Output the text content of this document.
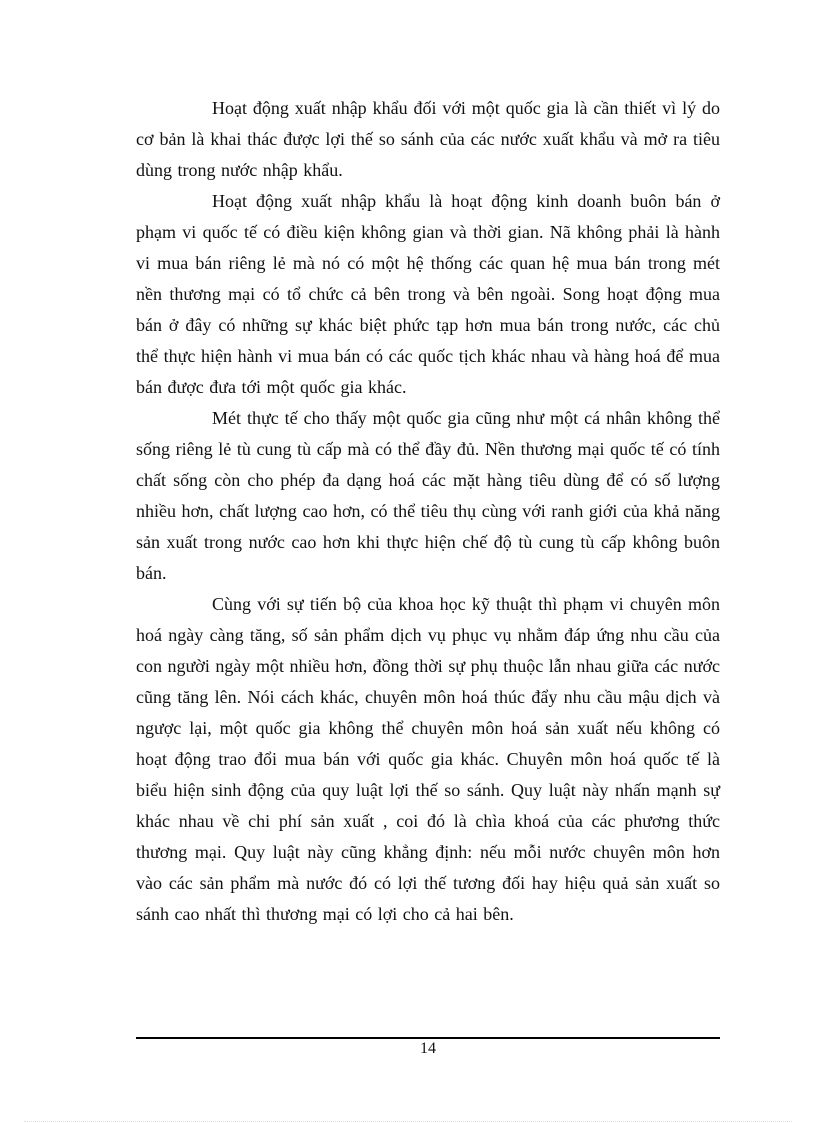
Hoạt động xuất nhập khẩu đối với một quốc gia là cần thiết vì lý do cơ bản là khai thác được lợi thế so sánh của các nước xuất khẩu và mở ra tiêu dùng trong nước nhập khẩu.

Hoạt động xuất nhập khẩu là hoạt động kinh doanh buôn bán ở phạm vi quốc tế có điều kiện không gian và thời gian. Nã không phải là hành vi mua bán riêng lẻ mà nó có một hệ thống các quan hệ mua bán trong mét nền thương mại có tổ chức cả bên trong và bên ngoài. Song hoạt động mua bán ở đây có những sự khác biệt phức tạp hơn mua bán trong nước, các chủ thể thực hiện hành vi mua bán có các quốc tịch khác nhau và hàng hoá để mua bán được đưa tới một quốc gia khác.

Mét thực tế cho thấy một quốc gia cũng như một cá nhân không thể sống riêng lẻ tù cung tù cấp mà có thể đầy đủ. Nền thương mại quốc tế có tính chất sống còn cho phép đa dạng hoá các mặt hàng tiêu dùng để có số lượng nhiều hơn, chất lượng cao hơn, có thể tiêu thụ cùng với ranh giới của khả năng sản xuất trong nước cao hơn khi thực hiện chế độ tù cung tù cấp không buôn bán.

Cùng với sự tiến bộ của khoa học kỹ thuật thì phạm vi chuyên môn hoá ngày càng tăng, số sản phẩm dịch vụ phục vụ nhằm đáp ứng nhu cầu của con người ngày một nhiều hơn, đồng thời sự phụ thuộc lẫn nhau giữa các nước cũng tăng lên. Nói cách khác, chuyên môn hoá thúc đẩy nhu cầu mậu dịch và ngược lại, một quốc gia không thể chuyên môn hoá sản xuất nếu không có hoạt động trao đổi mua bán với quốc gia khác. Chuyên môn hoá quốc tế là biểu hiện sinh động của quy luật lợi thế so sánh. Quy luật này nhấn mạnh sự khác nhau về chi phí sản xuất , coi đó là chìa khoá của các phương thức thương mại. Quy luật này cũng khẳng định: nếu mỗi nước chuyên môn hơn vào các sản phẩm mà nước đó có lợi thế tương đối hay hiệu quả sản xuất so sánh cao nhất thì thương mại có lợi cho cả hai bên.

14
